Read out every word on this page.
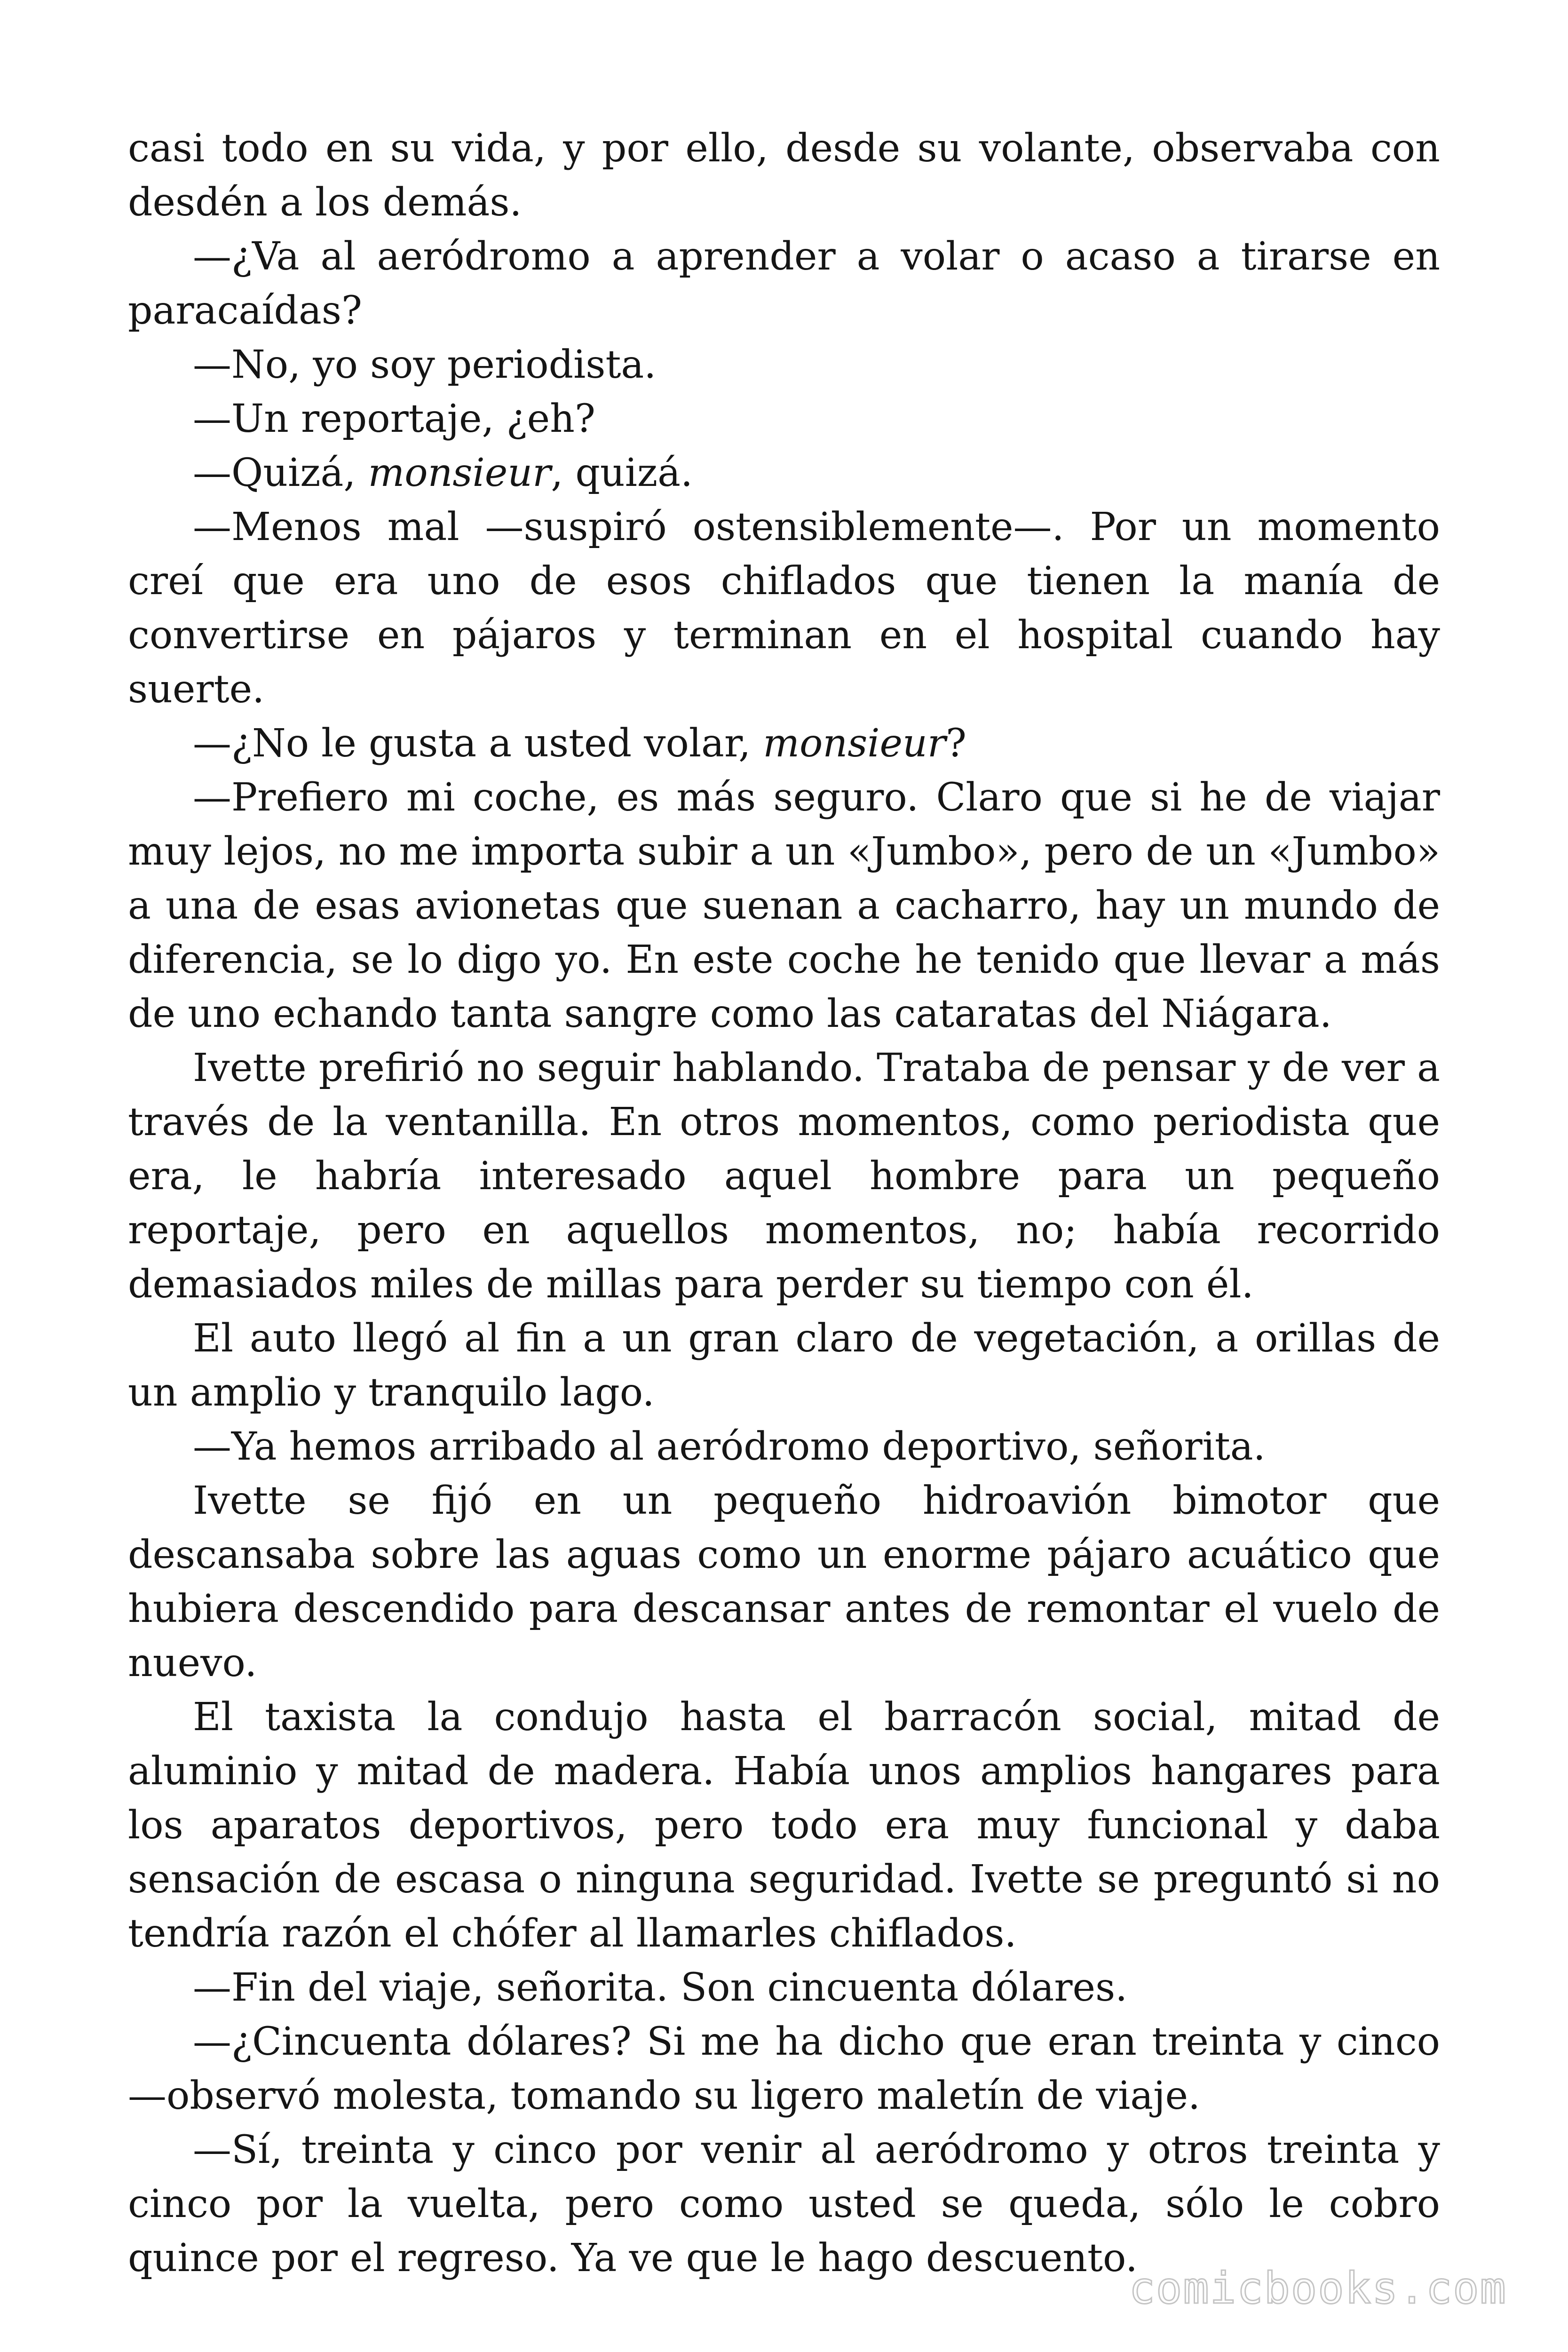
casi todo en su vida, y por ello, desde su volante, observaba con desdén a los demás.

—¿Va al aeródromo a aprender a volar o acaso a tirarse en paracaídas?

—No, yo soy periodista.

—Un reportaje, ¿eh?

—Quizá, monsieur, quizá.

—Menos mal —suspiró ostensiblemente—. Por un momento creí que era uno de esos chiflados que tienen la manía de convertirse en pájaros y terminan en el hospital cuando hay suerte.

—¿No le gusta a usted volar, monsieur?

—Prefiero mi coche, es más seguro. Claro que si he de viajar muy lejos, no me importa subir a un «Jumbo», pero de un «Jumbo» a una de esas avionetas que suenan a cacharro, hay un mundo de diferencia, se lo digo yo. En este coche he tenido que llevar a más de uno echando tanta sangre como las cataratas del Niágara.

Ivette prefirió no seguir hablando. Trataba de pensar y de ver a través de la ventanilla. En otros momentos, como periodista que era, le habría interesado aquel hombre para un pequeño reportaje, pero en aquellos momentos, no; había recorrido demasiados miles de millas para perder su tiempo con él.

El auto llegó al fin a un gran claro de vegetación, a orillas de un amplio y tranquilo lago.

—Ya hemos arribado al aeródromo deportivo, señorita.

Ivette se fijó en un pequeño hidroavión bimotor que descansaba sobre las aguas como un enorme pájaro acuático que hubiera descendido para descansar antes de remontar el vuelo de nuevo.

El taxista la condujo hasta el barracón social, mitad de aluminio y mitad de madera. Había unos amplios hangares para los aparatos deportivos, pero todo era muy funcional y daba sensación de escasa o ninguna seguridad. Ivette se preguntó si no tendría razón el chófer al llamarles chiflados.

—Fin del viaje, señorita. Son cincuenta dólares.

—¿Cincuenta dólares? Si me ha dicho que eran treinta y cinco —observó molesta, tomando su ligero maletín de viaje.

—Sí, treinta y cinco por venir al aeródromo y otros treinta y cinco por la vuelta, pero como usted se queda, sólo le cobro quince por el regreso. Ya ve que le hago descuento.

comicbooks.com
